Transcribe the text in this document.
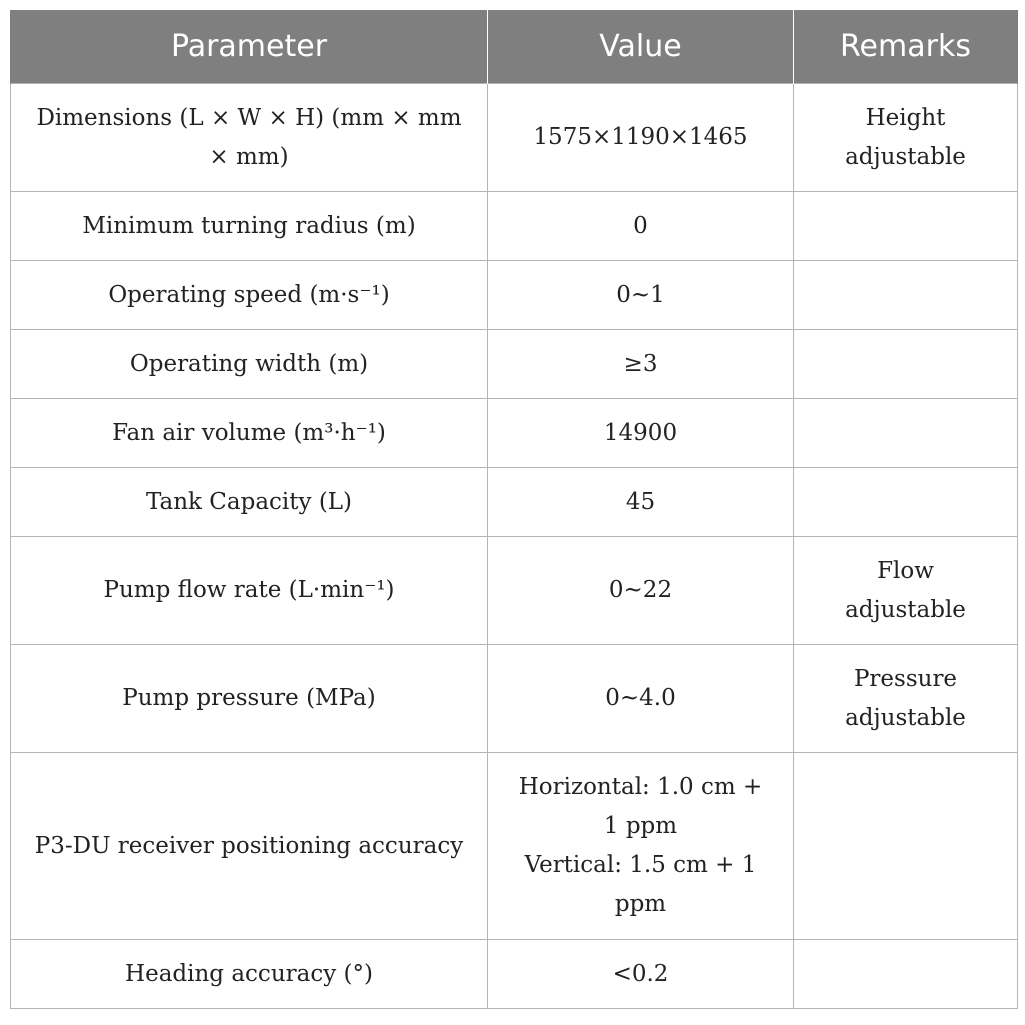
Parameter	Value	Remarks
Dimensions (L × W × H) (mm × mm × mm)	1575×1190×1465	Height adjustable
Minimum turning radius (m)	0	
Operating speed (m·s⁻¹)	0~1	
Operating width (m)	≥3	
Fan air volume (m³·h⁻¹)	14900	
Tank Capacity (L)	45	
Pump flow rate (L·min⁻¹)	0~22	Flow adjustable
Pump pressure (MPa)	0~4.0	Pressure adjustable
P3-DU receiver positioning accuracy	Horizontal: 1.0 cm + 1 ppm
Vertical: 1.5 cm + 1 ppm	
Heading accuracy (°)	<0.2	
